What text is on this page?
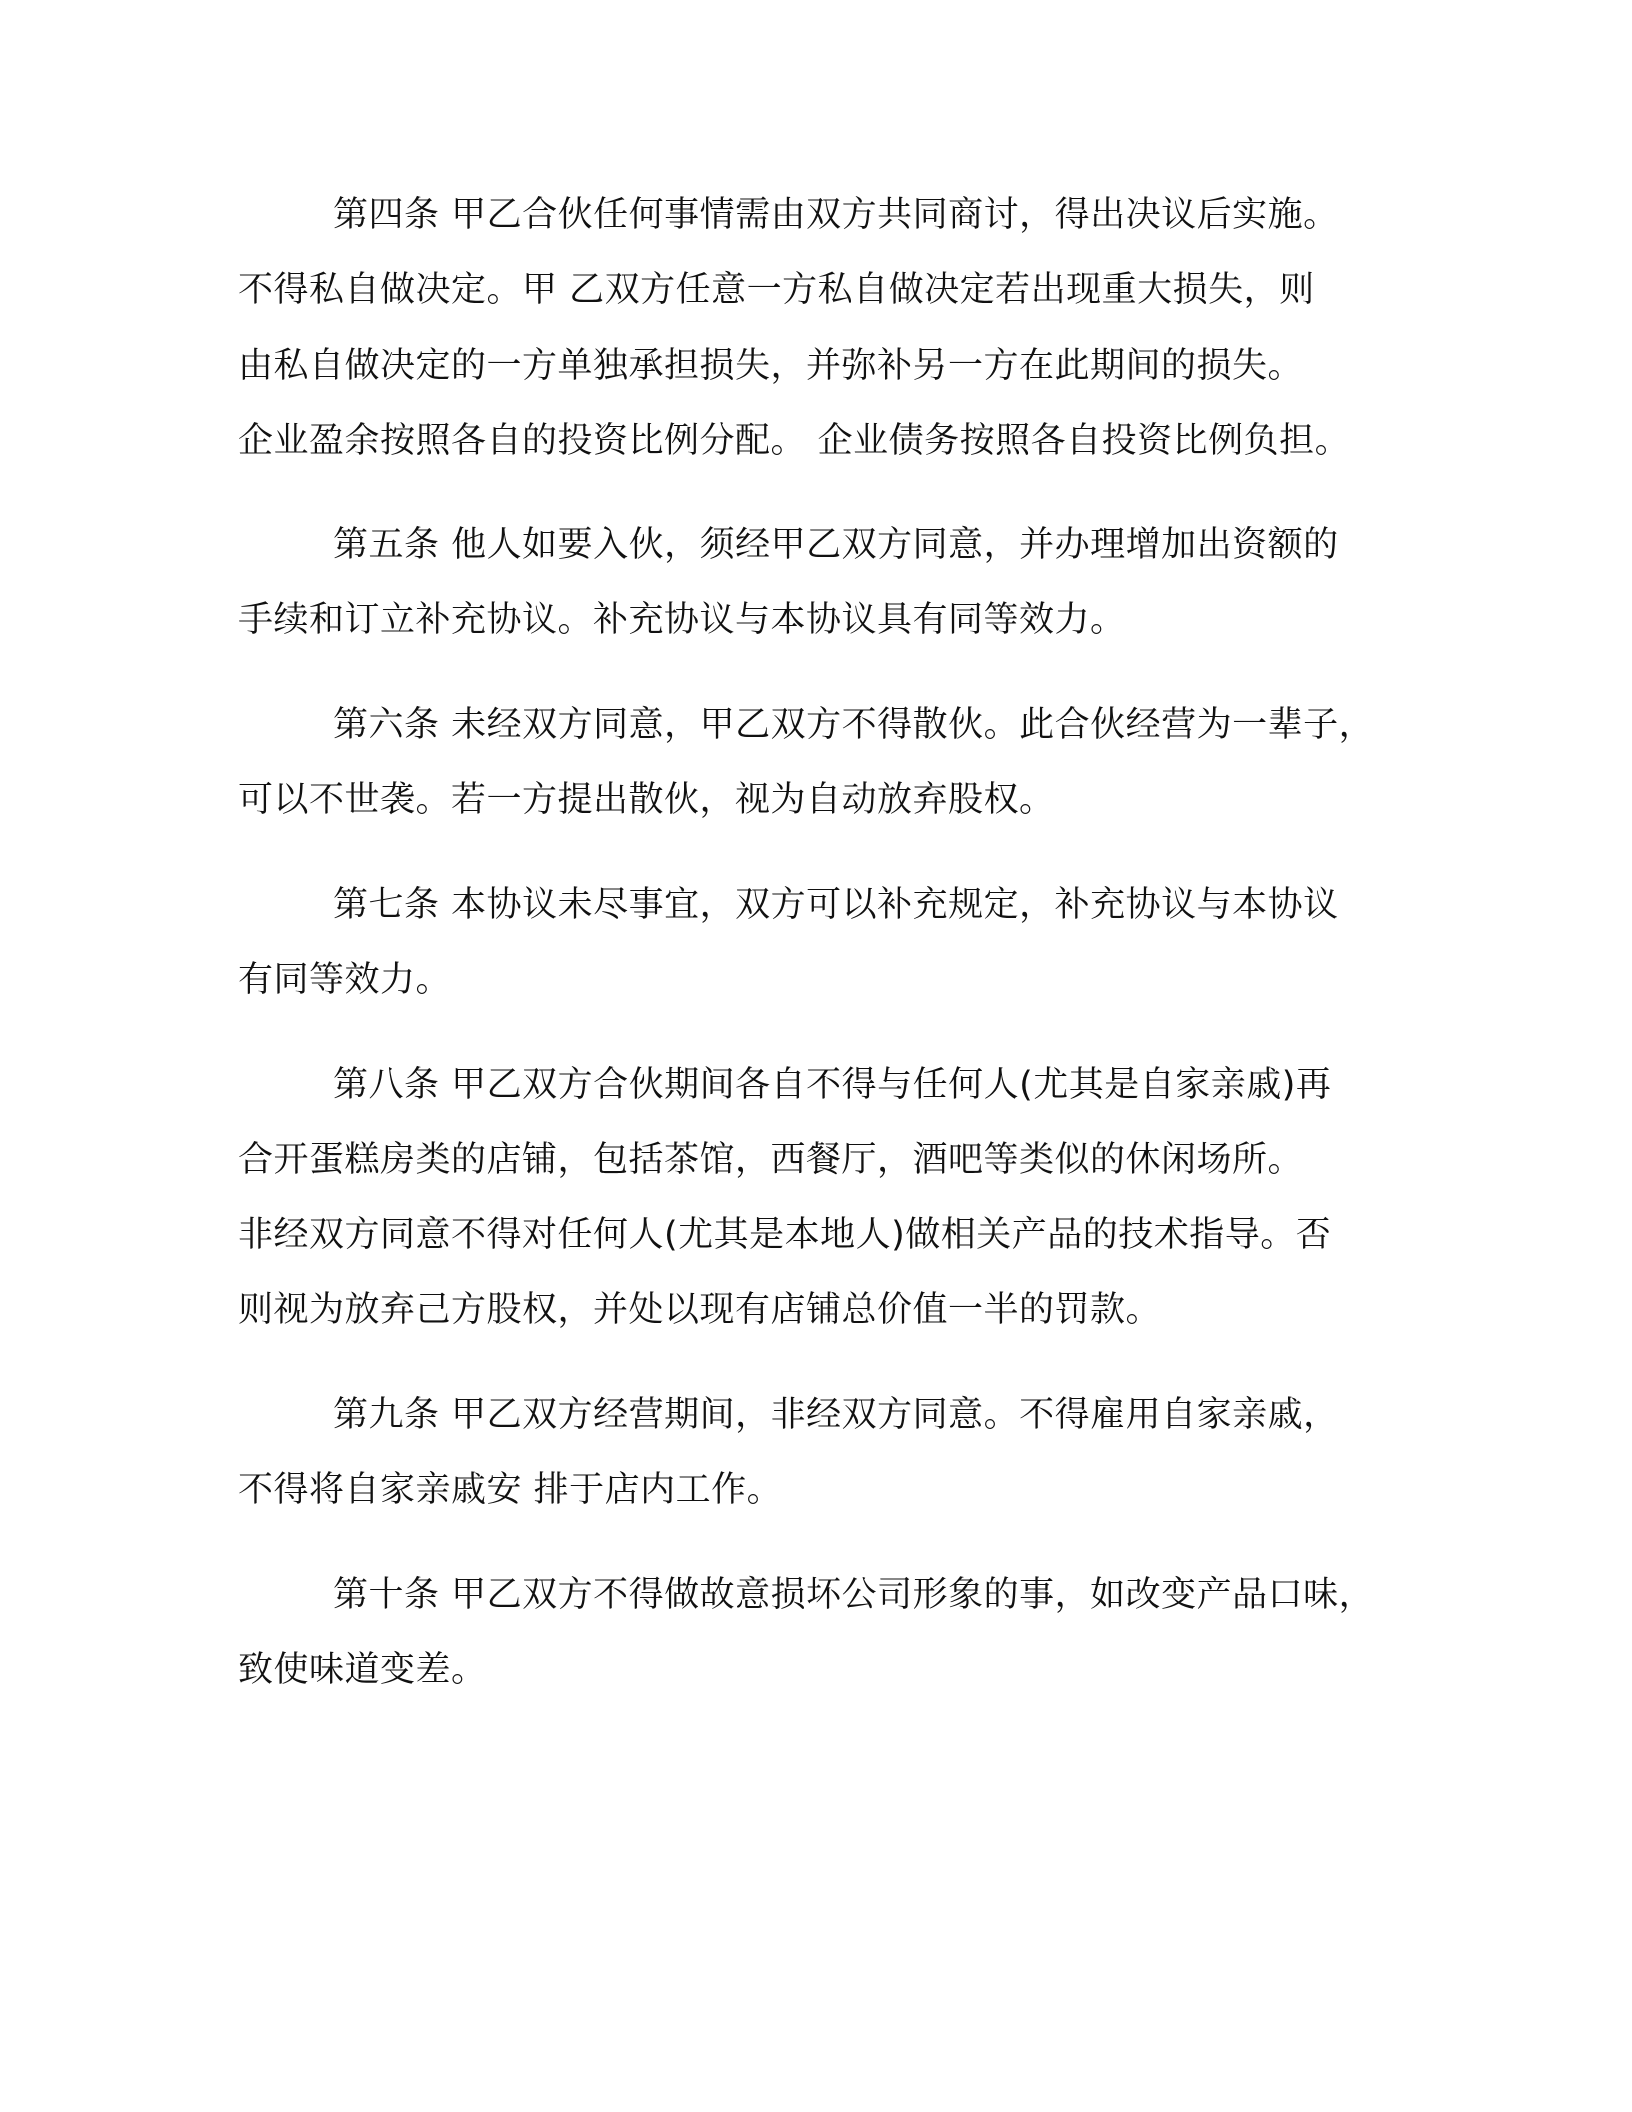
第四条 甲乙合伙任何事情需由双方共同商讨，得出决议后实施。
不得私自做决定。甲 乙双方任意一方私自做决定若出现重大损失，则
由私自做决定的一方单独承担损失，并弥补另一方在此期间的损失。
企业盈余按照各自的投资比例分配。 企业债务按照各自投资比例负担。
第五条 他人如要入伙，须经甲乙双方同意，并办理增加出资额的
手续和订立补充协议。补充协议与本协议具有同等效力。
第六条 未经双方同意，甲乙双方不得散伙。此合伙经营为一辈子，
可以不世袭。若一方提出散伙，视为自动放弃股权。
第七条 本协议未尽事宜，双方可以补充规定，补充协议与本协议
有同等效力。
第八条 甲乙双方合伙期间各自不得与任何人(尤其是自家亲戚)再
合开蛋糕房类的店铺，包括茶馆，西餐厅，酒吧等类似的休闲场所。
非经双方同意不得对任何人(尤其是本地人)做相关产品的技术指导。否
则视为放弃己方股权，并处以现有店铺总价值一半的罚款。
第九条 甲乙双方经营期间，非经双方同意。不得雇用自家亲戚，
不得将自家亲戚安 排于店内工作。
第十条 甲乙双方不得做故意损坏公司形象的事，如改变产品口味，
致使味道变差。
